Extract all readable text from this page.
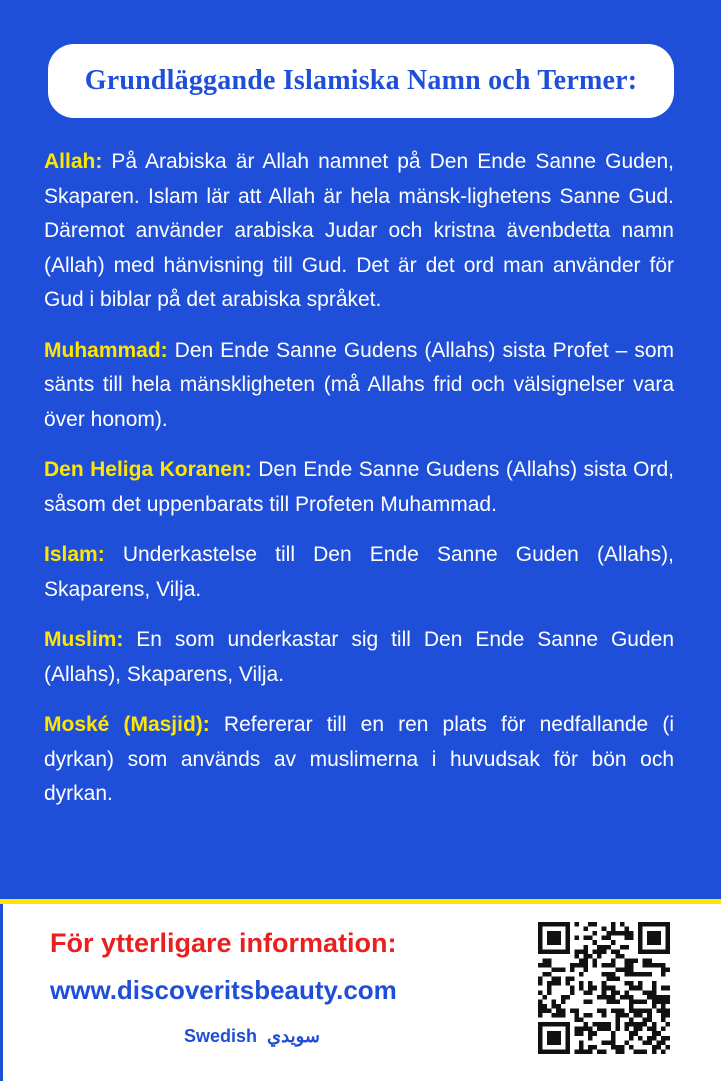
Grundläggande Islamiska Namn och Termer:

Allah: På Arabiska är Allah namnet på Den Ende Sanne Guden, Skaparen. Islam lär att Allah är hela mänsk-lighetens Sanne Gud. Däremot använder arabiska Judar och kristna ävenbdetta namn (Allah) med hänvisning till Gud. Det är det ord man använder för Gud i biblar på det arabiska språket.

Muhammad: Den Ende Sanne Gudens (Allahs) sista Profet – som sänts till hela mänskligheten (må Allahs frid och välsignelser vara över honom).

Den Heliga Koranen: Den Ende Sanne Gudens (Allahs) sista Ord, såsom det uppenbarats till Profeten Muhammad.

Islam: Underkastelse till Den Ende Sanne Guden (Allahs), Skaparens, Vilja.

Muslim: En som underkastar sig till Den Ende Sanne Guden (Allahs), Skaparens, Vilja.

Moské (Masjid): Refererar till en ren plats för nedfallande (i dyrkan) som används av muslimerna i huvudsak för bön och dyrkan.

För ytterligare information:
www.discoveritsbeauty.com
Swedish سويدي
